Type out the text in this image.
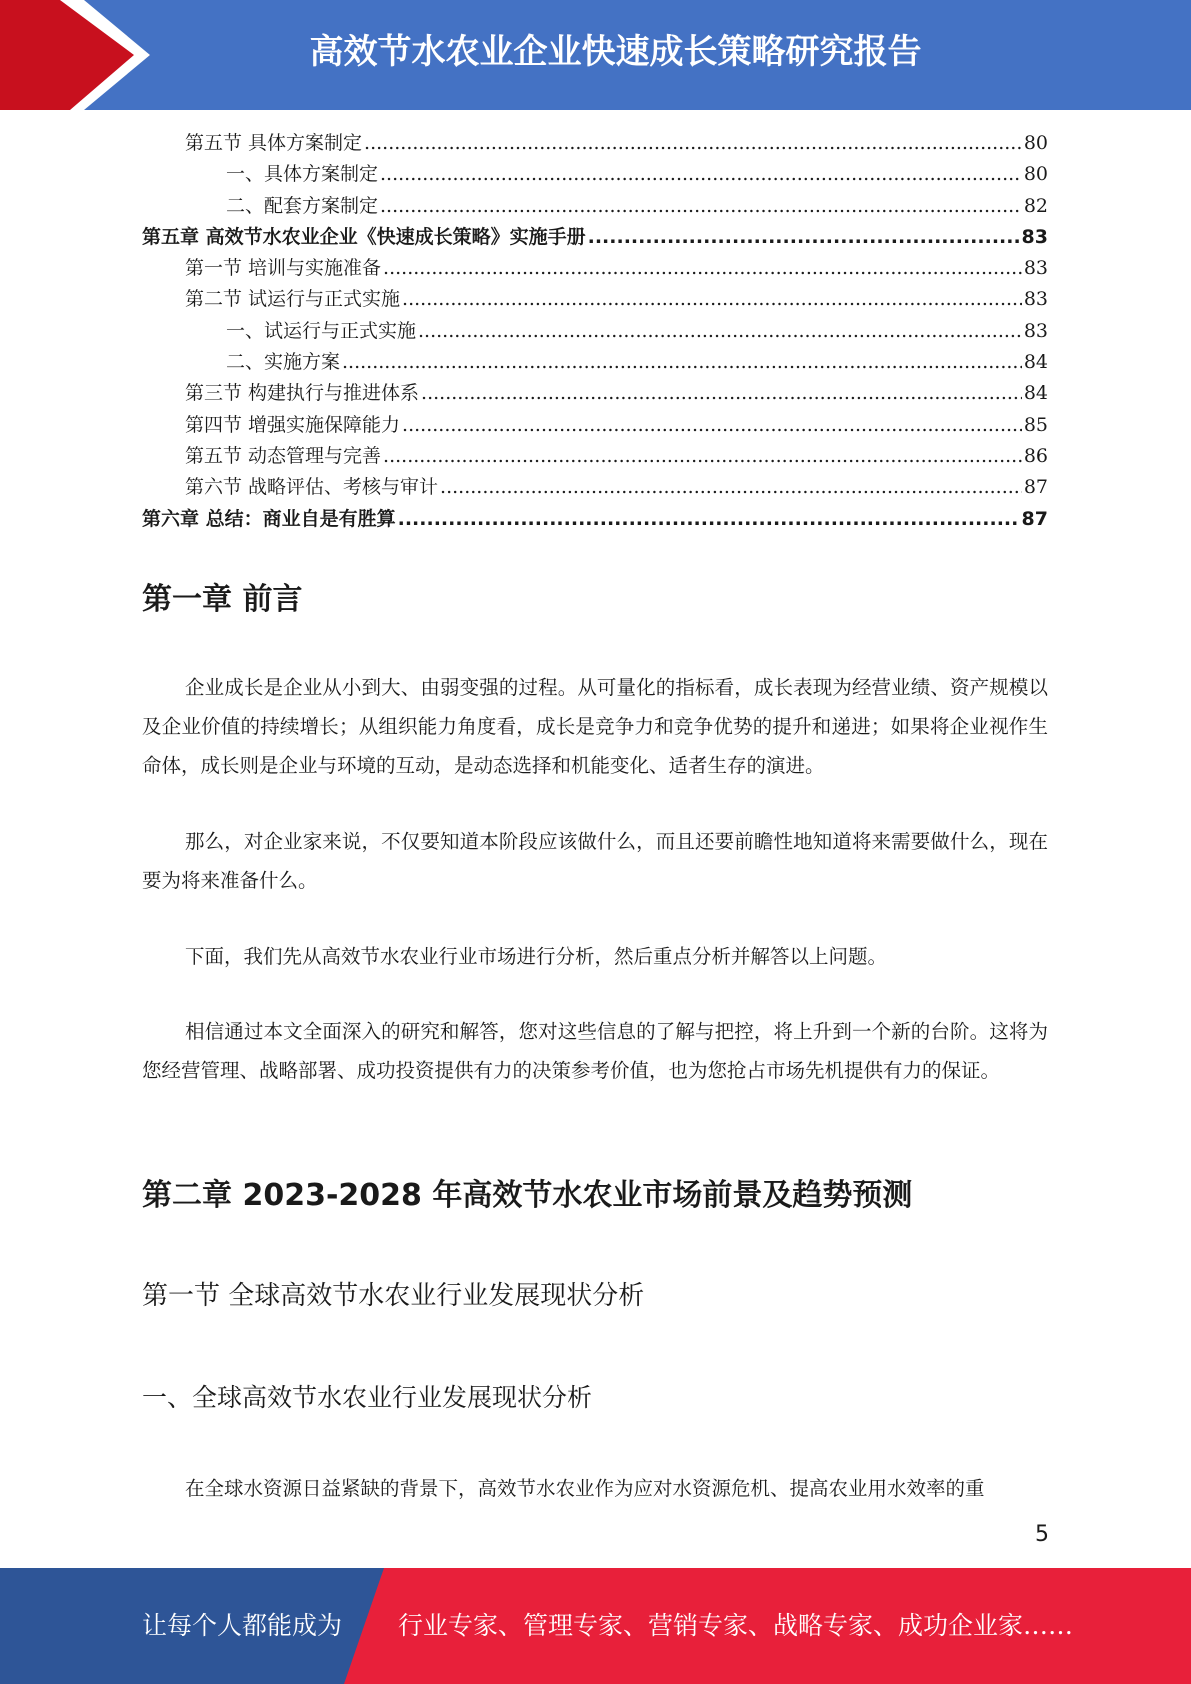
高效节水农业企业快速成长策略研究报告
第五节 具体方案制定 .....	80
一、具体方案制定 .....	80
二、配套方案制定 .....	82
第五章 高效节水农业企业《快速成长策略》实施手册 .....	83
第一节 培训与实施准备 .....	83
第二节 试运行与正式实施 .....	83
一、试运行与正式实施 .....	83
二、实施方案 .....	84
第三节 构建执行与推进体系 .....	84
第四节 增强实施保障能力 .....	85
第五节 动态管理与完善 .....	86
第六节 战略评估、考核与审计 .....	87
第六章 总结：商业自是有胜算 .....	87
第一章 前言

企业成长是企业从小到大、由弱变强的过程。从可量化的指标看，成长表现为经营业绩、资产规模以及企业价值的持续增长；从组织能力角度看，成长是竞争力和竞争优势的提升和递进；如果将企业视作生命体，成长则是企业与环境的互动，是动态选择和机能变化、适者生存的演进。

那么，对企业家来说，不仅要知道本阶段应该做什么，而且还要前瞻性地知道将来需要做什么，现在要为将来准备什么。

下面，我们先从高效节水农业行业市场进行分析，然后重点分析并解答以上问题。

相信通过本文全面深入的研究和解答，您对这些信息的了解与把控，将上升到一个新的台阶。这将为您经营管理、战略部署、成功投资提供有力的决策参考价值，也为您抢占市场先机提供有力的保证。

第二章 2023-2028 年高效节水农业市场前景及趋势预测
第一节 全球高效节水农业行业发展现状分析
一、全球高效节水农业行业发展现状分析

在全球水资源日益紧缺的背景下，高效节水农业作为应对水资源危机、提高农业用水效率的重

5
让每个人都能成为 行业专家、管理专家、营销专家、战略专家、成功企业家……
